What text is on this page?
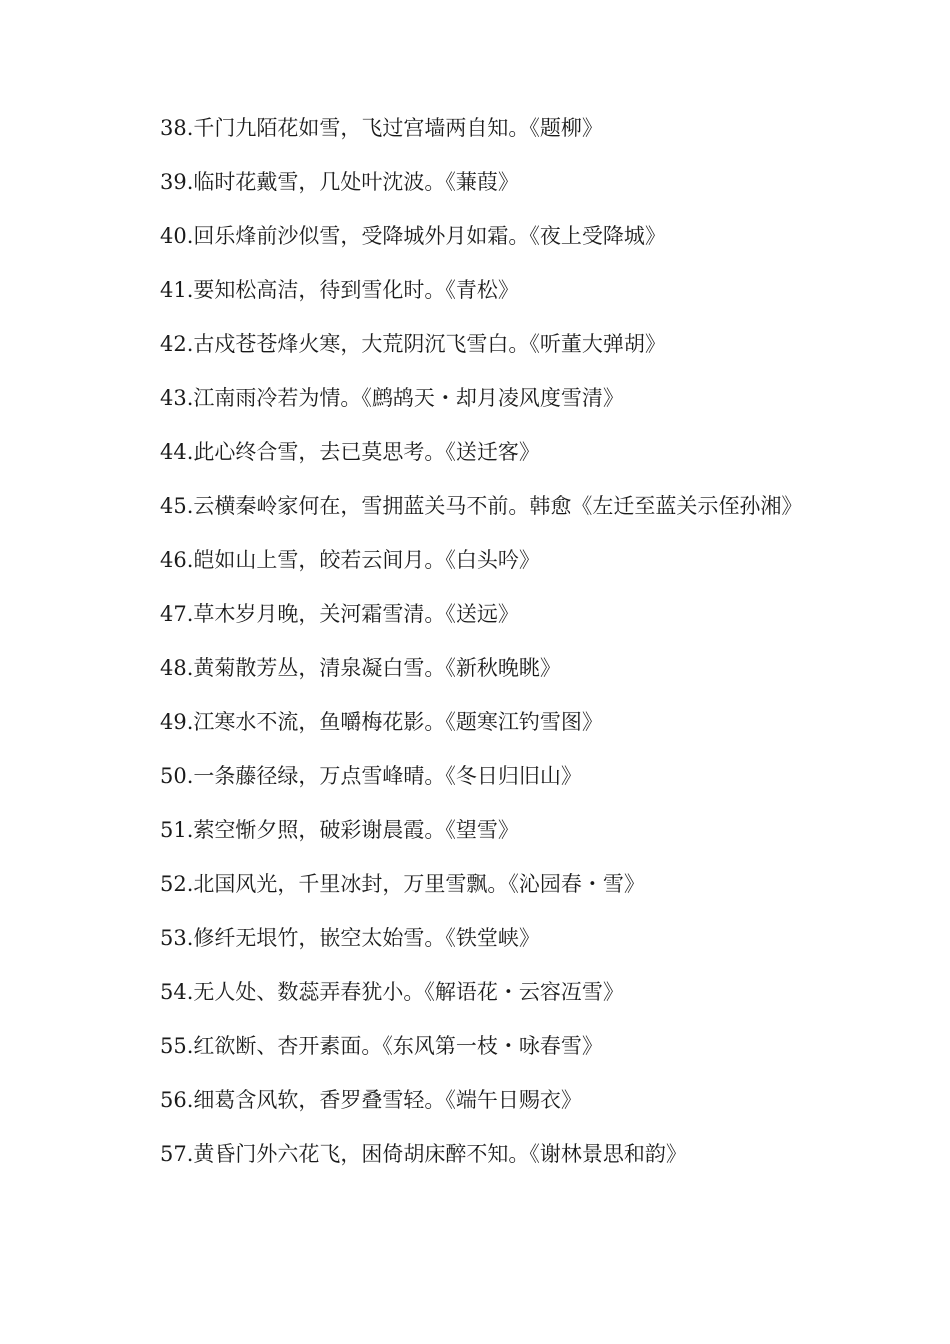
38.千门九陌花如雪，飞过宫墙两自知。《题柳》
39.临时花戴雪，几处叶沈波。《蒹葭》
40.回乐烽前沙似雪，受降城外月如霜。《夜上受降城》
41.要知松高洁，待到雪化时。《青松》
42.古戍苍苍烽火寒，大荒阴沉飞雪白。《听董大弹胡》
43.江南雨冷若为情。《鹧鸪天・却月凌风度雪清》
44.此心终合雪，去已莫思考。《送迁客》
45.云横秦岭家何在，雪拥蓝关马不前。韩愈《左迁至蓝关示侄孙湘》
46.皑如山上雪，皎若云间月。《白头吟》
47.草木岁月晚，关河霜雪清。《送远》
48.黄菊散芳丛，清泉凝白雪。《新秋晚眺》
49.江寒水不流，鱼嚼梅花影。《题寒江钓雪图》
50.一条藤径绿，万点雪峰晴。《冬日归旧山》
51.萦空惭夕照，破彩谢晨霞。《望雪》
52.北国风光，千里冰封，万里雪飘。《沁园春・雪》
53.修纤无垠竹，嵌空太始雪。《铁堂峡》
54.无人处、数蕊弄春犹小。《解语花・云容冱雪》
55.红欲断、杏开素面。《东风第一枝・咏春雪》
56.细葛含风软，香罗叠雪轻。《端午日赐衣》
57.黄昏门外六花飞，困倚胡床醉不知。《谢林景思和韵》
